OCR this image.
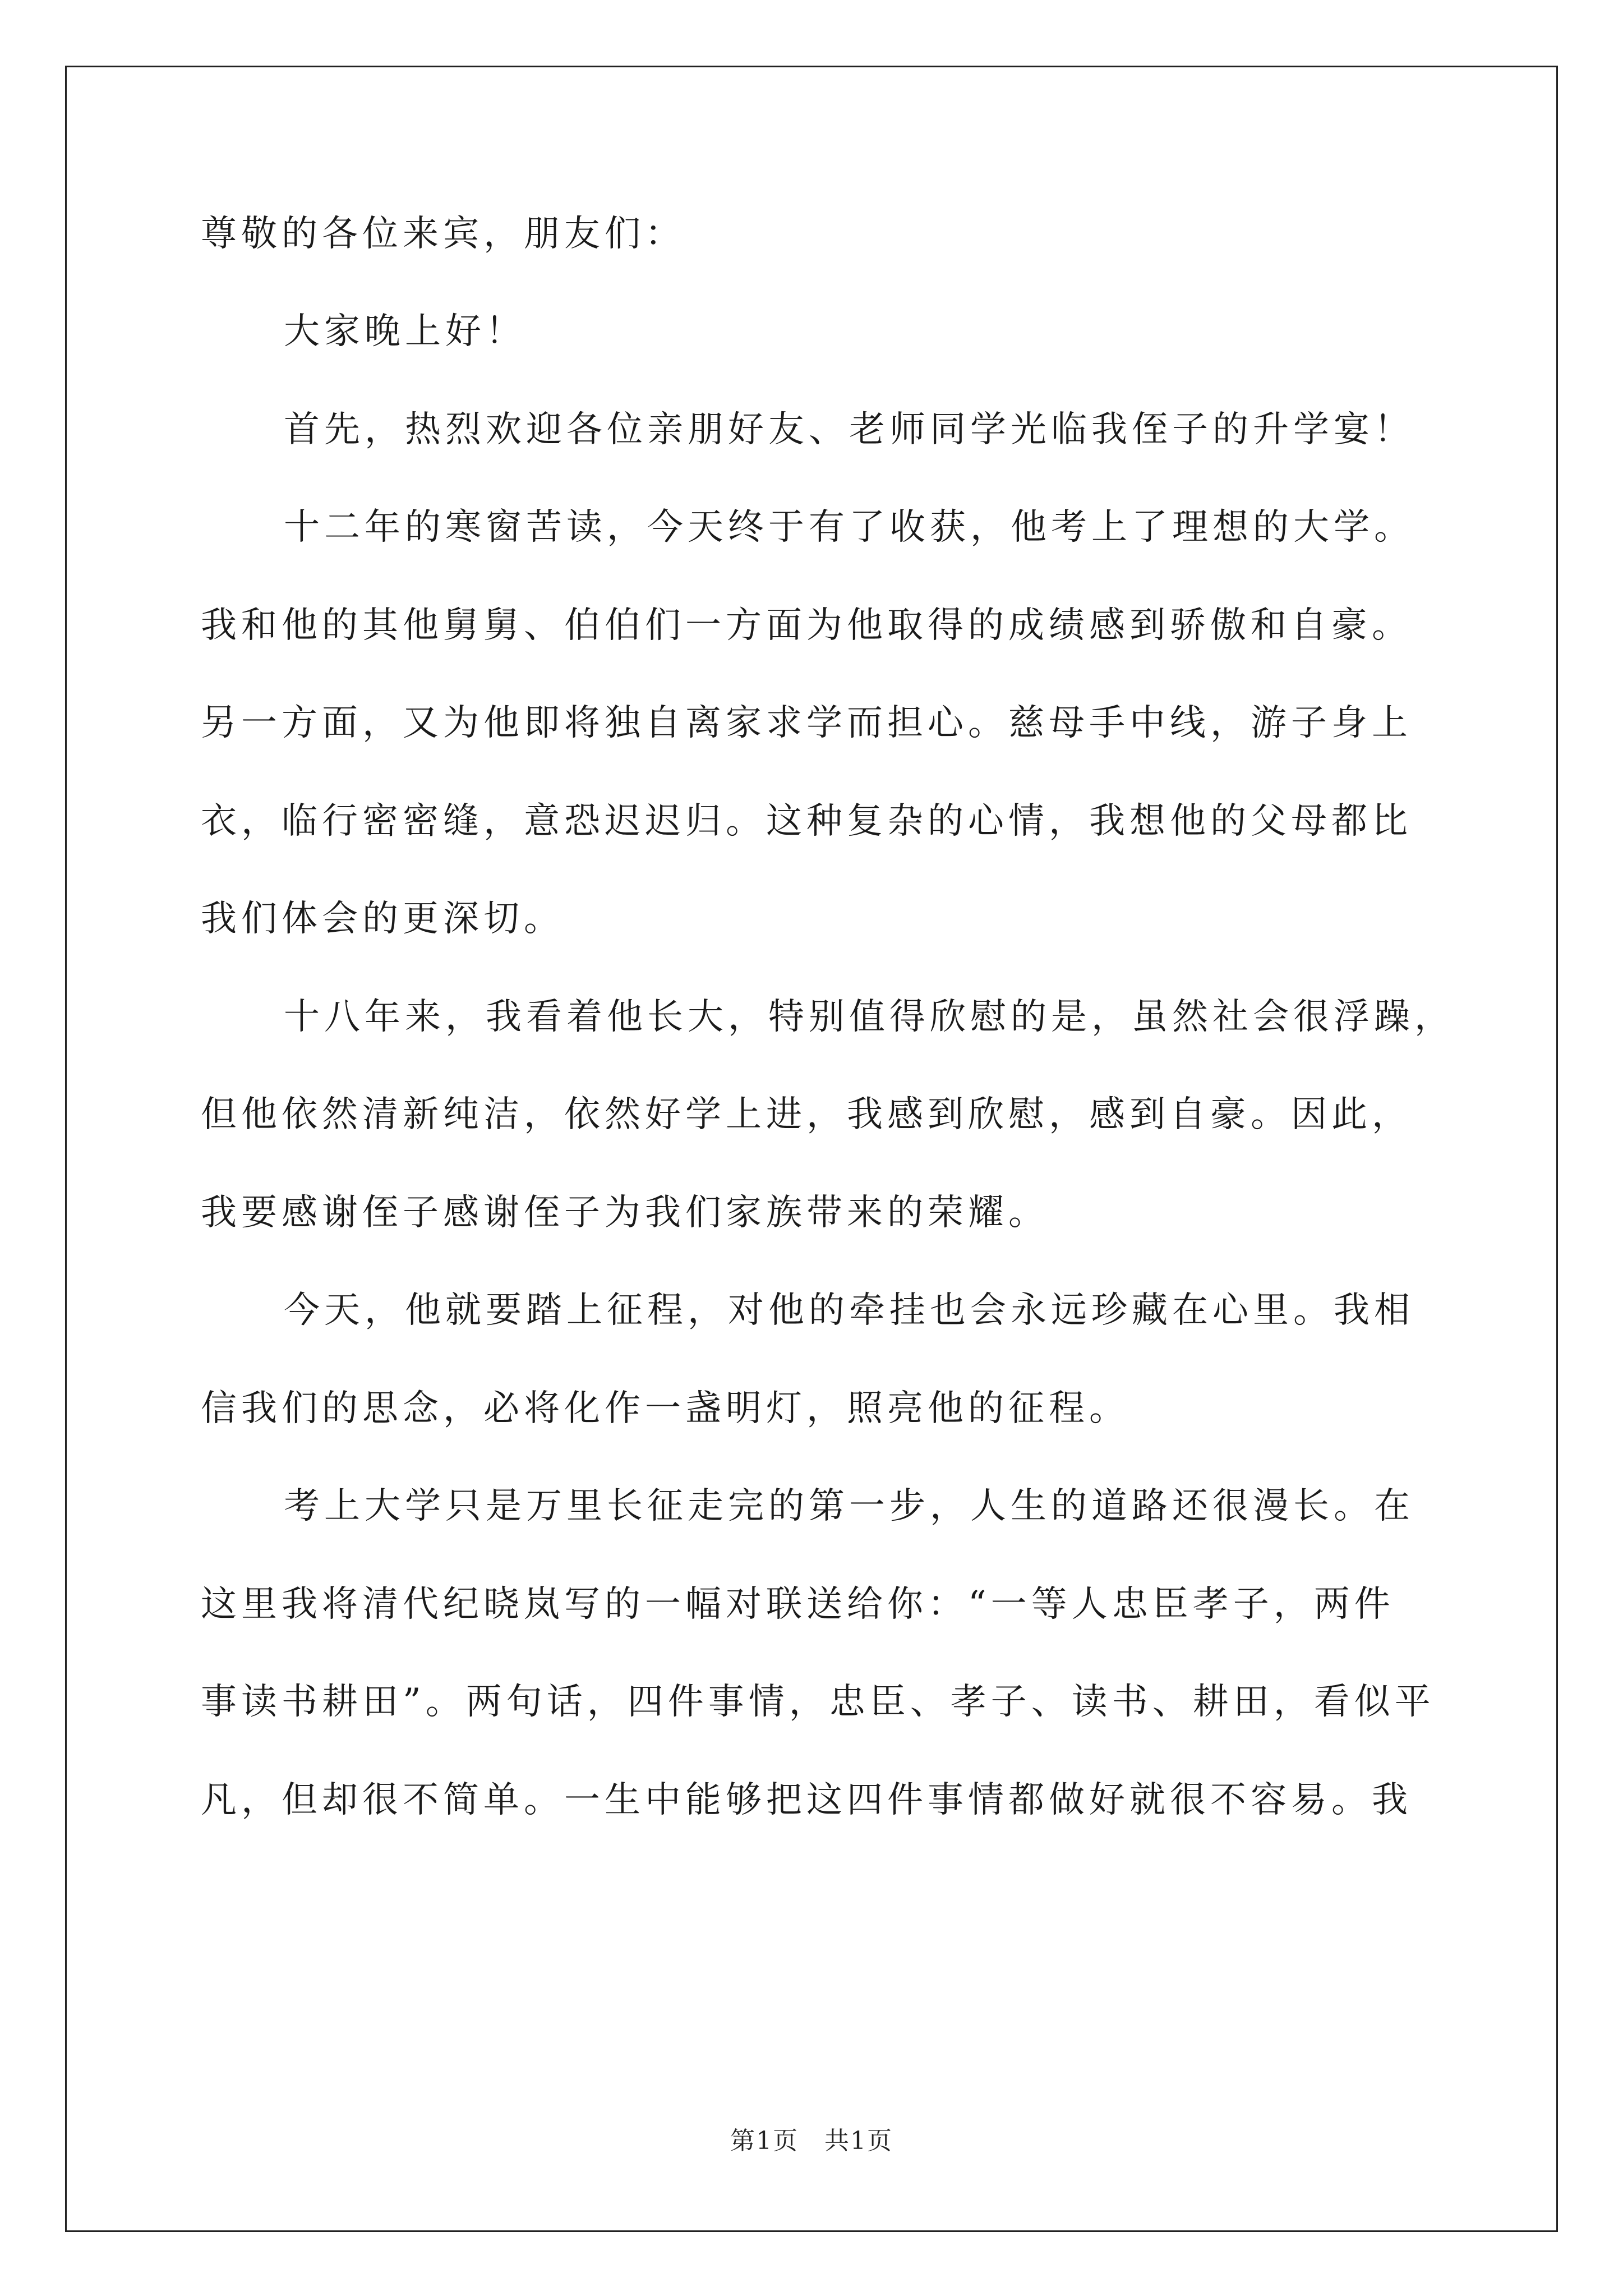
尊敬的各位来宾，朋友们：
大家晚上好！
首先，热烈欢迎各位亲朋好友、老师同学光临我侄子的升学宴！
十二年的寒窗苦读，今天终于有了收获，他考上了理想的大学。
我和他的其他舅舅、伯伯们一方面为他取得的成绩感到骄傲和自豪。
另一方面，又为他即将独自离家求学而担心。慈母手中线，游子身上
衣，临行密密缝，意恐迟迟归。这种复杂的心情，我想他的父母都比
我们体会的更深切。
十八年来，我看着他长大，特别值得欣慰的是，虽然社会很浮躁，
但他依然清新纯洁，依然好学上进，我感到欣慰，感到自豪。因此，
我要感谢侄子感谢侄子为我们家族带来的荣耀。
今天，他就要踏上征程，对他的牵挂也会永远珍藏在心里。我相
信我们的思念，必将化作一盏明灯，照亮他的征程。
考上大学只是万里长征走完的第一步，人生的道路还很漫长。在
这里我将清代纪晓岚写的一幅对联送给你：“一等人忠臣孝子，两件
事读书耕田”。两句话，四件事情，忠臣、孝子、读书、耕田，看似平
凡，但却很不简单。一生中能够把这四件事情都做好就很不容易。我
第1页 共1页
